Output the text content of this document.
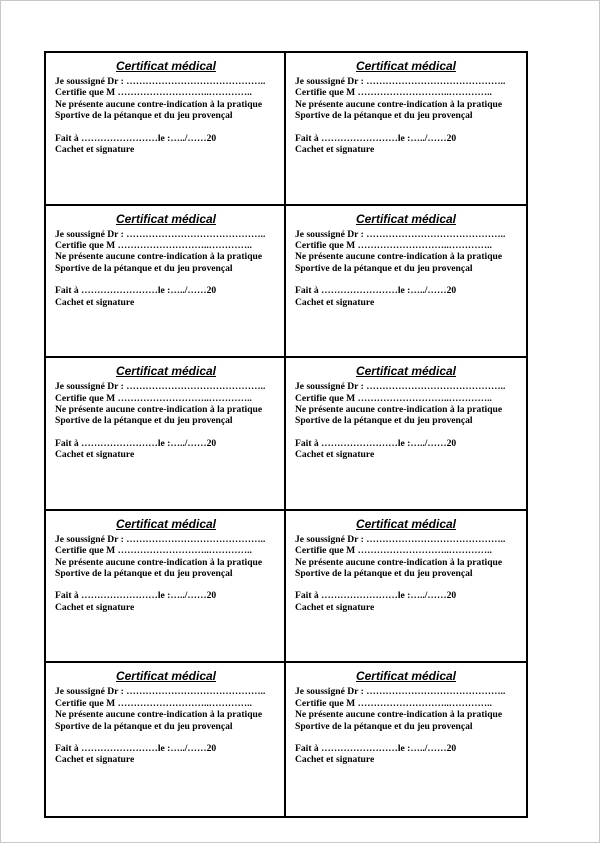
Certificat médical
Je soussigné Dr : ……………………………………..
Certifie que M ………………………..…………..
Ne présente aucune contre-indication à la pratique
Sportive de la pétanque et du jeu provençal
Fait à ……………………le :…../……20
Cachet et signature
Certificat médical
Je soussigné Dr : ……………………………………..
Certifie que M ………………………..…………..
Ne présente aucune contre-indication à la pratique
Sportive de la pétanque et du jeu provençal
Fait à ……………………le :…../……20
Cachet et signature
Certificat médical
Je soussigné Dr : ……………………………………..
Certifie que M ………………………..…………..
Ne présente aucune contre-indication à la pratique
Sportive de la pétanque et du jeu provençal
Fait à ……………………le :…../……20
Cachet et signature
Certificat médical
Je soussigné Dr : ……………………………………..
Certifie que M ………………………..…………..
Ne présente aucune contre-indication à la pratique
Sportive de la pétanque et du jeu provençal
Fait à ……………………le :…../……20
Cachet et signature
Certificat médical
Je soussigné Dr : ……………………………………..
Certifie que M ………………………..…………..
Ne présente aucune contre-indication à la pratique
Sportive de la pétanque et du jeu provençal
Fait à ……………………le :…../……20
Cachet et signature
Certificat médical
Je soussigné Dr : ……………………………………..
Certifie que M ………………………..…………..
Ne présente aucune contre-indication à la pratique
Sportive de la pétanque et du jeu provençal
Fait à ……………………le :…../……20
Cachet et signature
Certificat médical
Je soussigné Dr : ……………………………………..
Certifie que M ………………………..…………..
Ne présente aucune contre-indication à la pratique
Sportive de la pétanque et du jeu provençal
Fait à ……………………le :…../……20
Cachet et signature
Certificat médical
Je soussigné Dr : ……………………………………..
Certifie que M ………………………..…………..
Ne présente aucune contre-indication à la pratique
Sportive de la pétanque et du jeu provençal
Fait à ……………………le :…../……20
Cachet et signature
Certificat médical
Je soussigné Dr : ……………………………………..
Certifie que M ………………………..…………..
Ne présente aucune contre-indication à la pratique
Sportive de la pétanque et du jeu provençal
Fait à ……………………le :…../……20
Cachet et signature
Certificat médical
Je soussigné Dr : ……………………………………..
Certifie que M ………………………..…………..
Ne présente aucune contre-indication à la pratique
Sportive de la pétanque et du jeu provençal
Fait à ……………………le :…../……20
Cachet et signature
